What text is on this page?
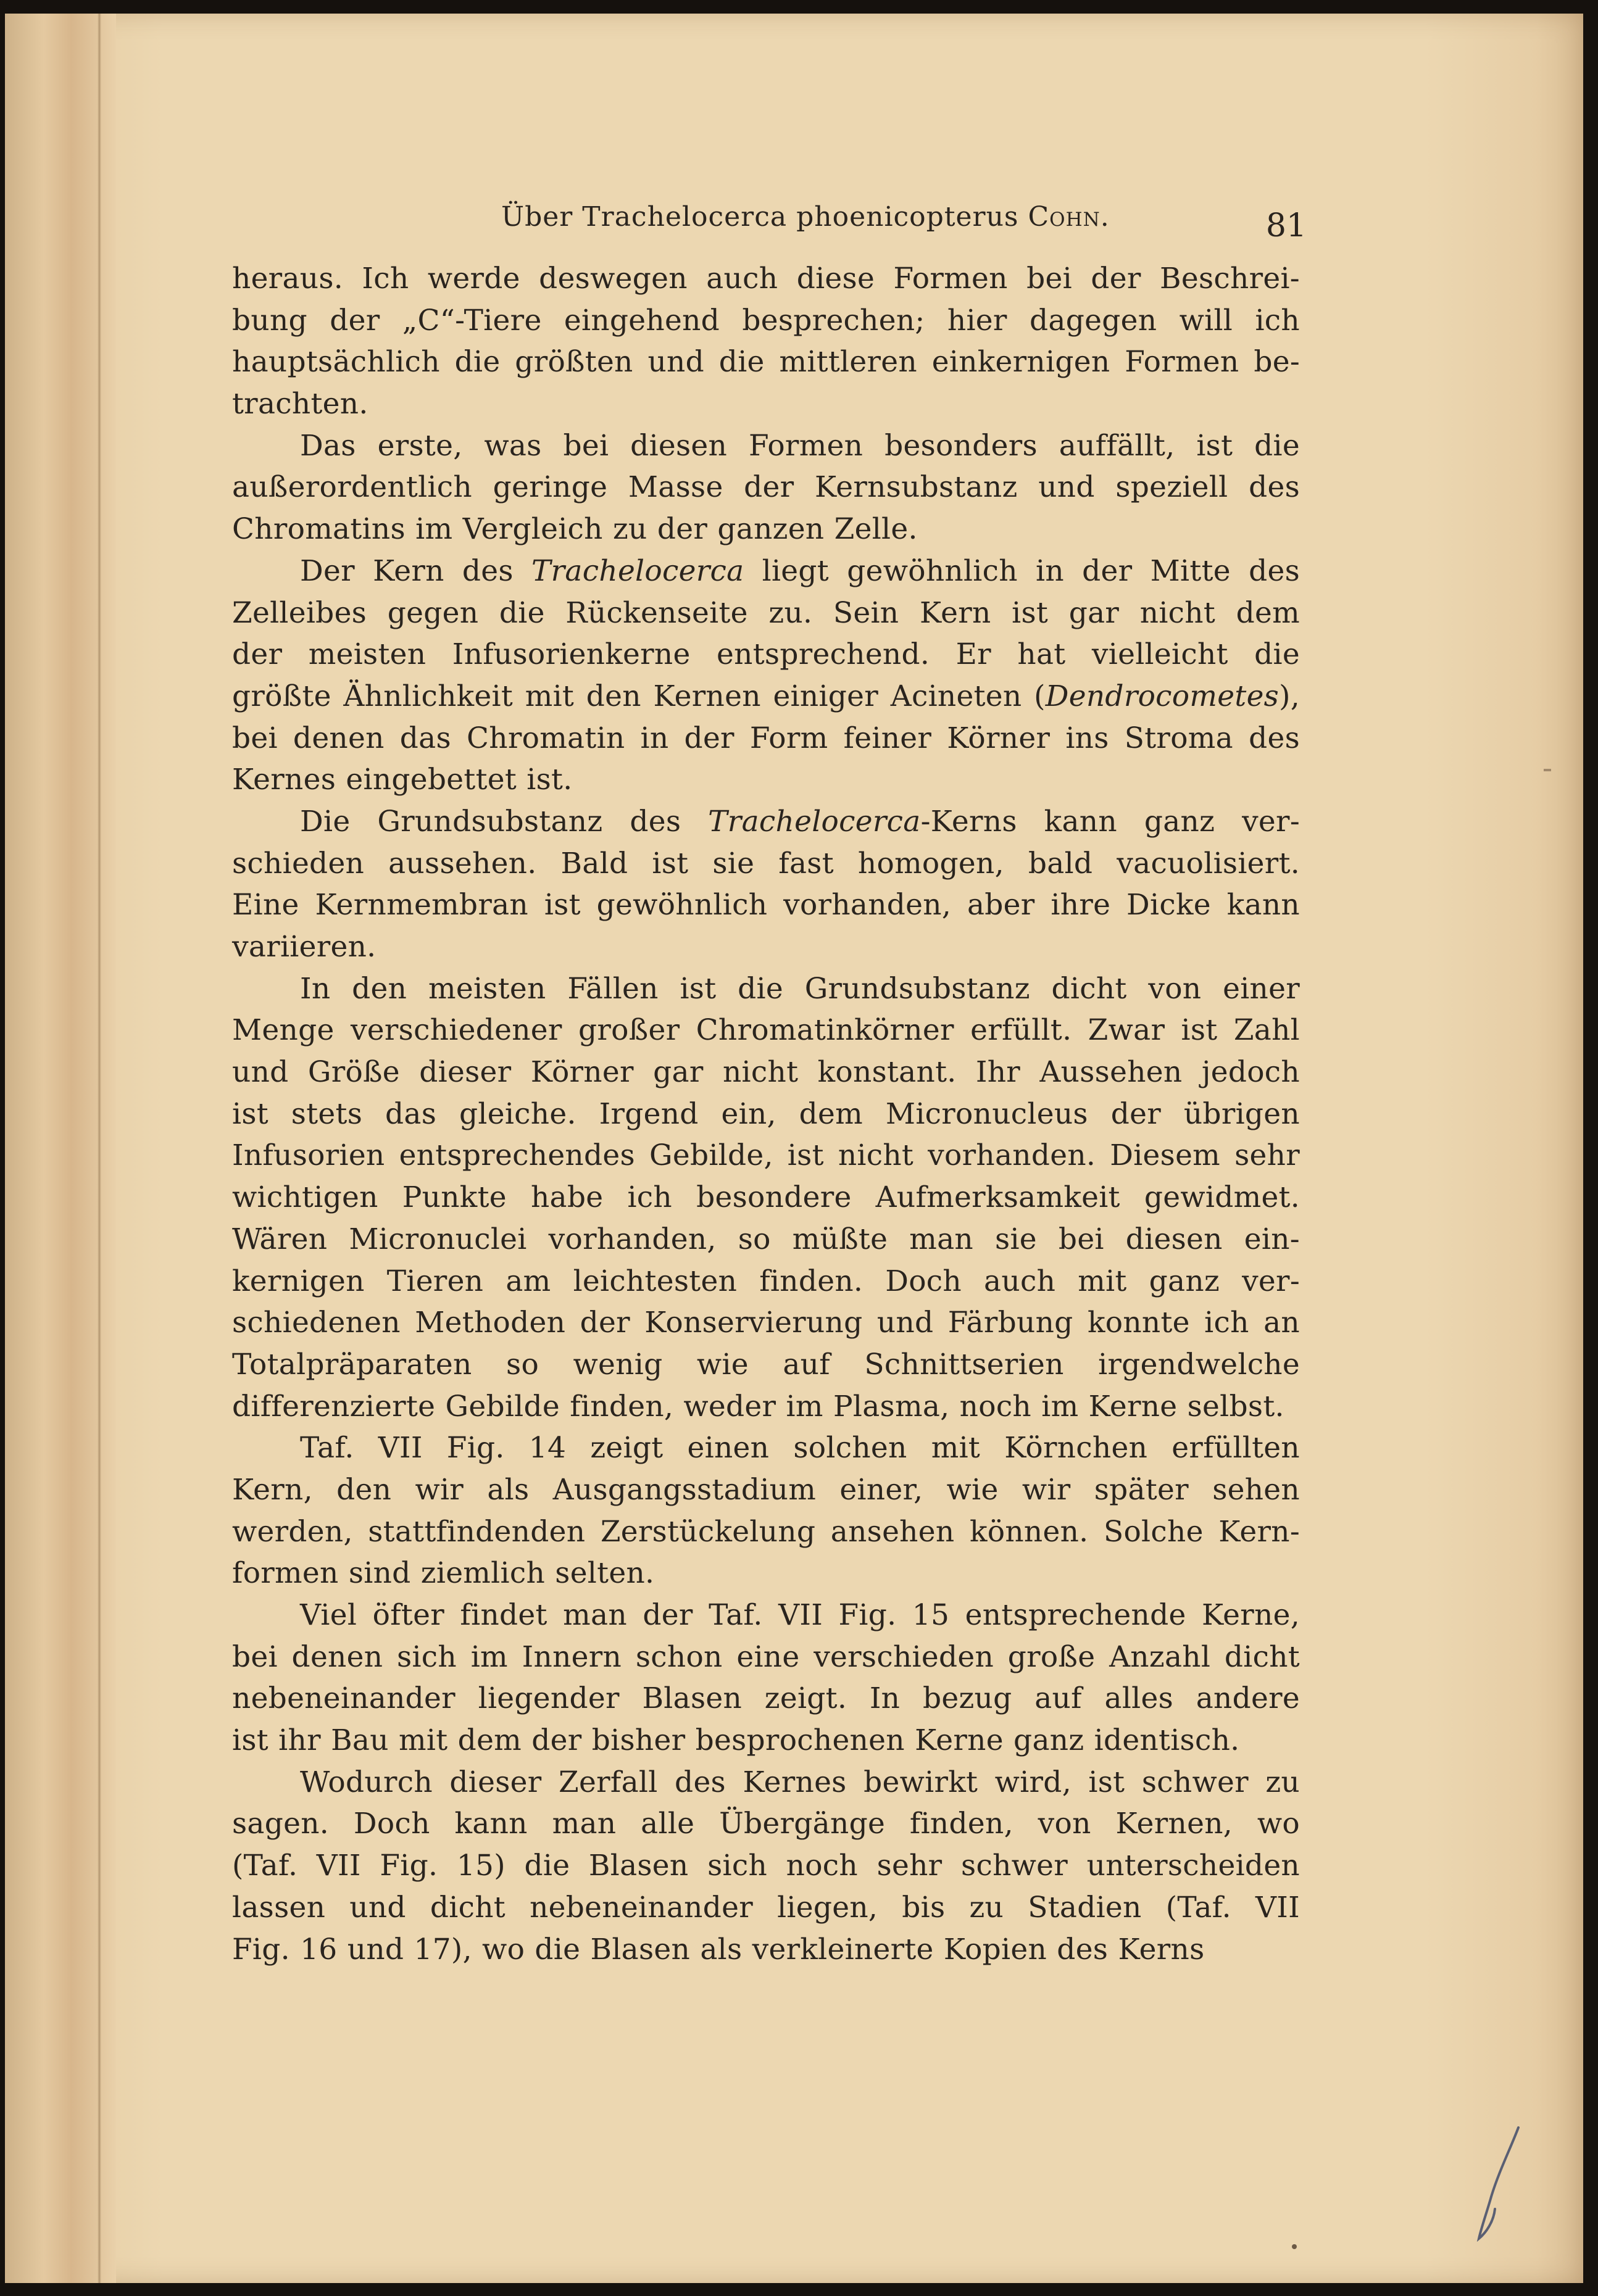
Über Trachelocerca phoenicopterus Cohn.	81
heraus. Ich werde deswegen auch diese Formen bei der Beschrei-
bung der „C“-Tiere eingehend besprechen; hier dagegen will ich
hauptsächlich die größten und die mittleren einkernigen Formen be-
trachten.
Das erste, was bei diesen Formen besonders auffällt, ist die
außerordentlich geringe Masse der Kernsubstanz und speziell des
Chromatins im Vergleich zu der ganzen Zelle.
Der Kern des Trachelocerca liegt gewöhnlich in der Mitte des
Zelleibes gegen die Rückenseite zu. Sein Kern ist gar nicht dem
der meisten Infusorienkerne entsprechend. Er hat vielleicht die
größte Ähnlichkeit mit den Kernen einiger Acineten (Dendrocometes),
bei denen das Chromatin in der Form feiner Körner ins Stroma des
Kernes eingebettet ist.
Die Grundsubstanz des Trachelocerca-Kerns kann ganz ver-
schieden aussehen. Bald ist sie fast homogen, bald vacuolisiert.
Eine Kernmembran ist gewöhnlich vorhanden, aber ihre Dicke kann
variieren.
In den meisten Fällen ist die Grundsubstanz dicht von einer
Menge verschiedener großer Chromatinkörner erfüllt. Zwar ist Zahl
und Größe dieser Körner gar nicht konstant. Ihr Aussehen jedoch
ist stets das gleiche. Irgend ein, dem Micronucleus der übrigen
Infusorien entsprechendes Gebilde, ist nicht vorhanden. Diesem sehr
wichtigen Punkte habe ich besondere Aufmerksamkeit gewidmet.
Wären Micronuclei vorhanden, so müßte man sie bei diesen ein-
kernigen Tieren am leichtesten finden. Doch auch mit ganz ver-
schiedenen Methoden der Konservierung und Färbung konnte ich an
Totalpräparaten so wenig wie auf Schnittserien irgendwelche
differenzierte Gebilde finden, weder im Plasma, noch im Kerne selbst.
Taf. VII Fig. 14 zeigt einen solchen mit Körnchen erfüllten
Kern, den wir als Ausgangsstadium einer, wie wir später sehen
werden, stattfindenden Zerstückelung ansehen können. Solche Kern-
formen sind ziemlich selten.
Viel öfter findet man der Taf. VII Fig. 15 entsprechende Kerne,
bei denen sich im Innern schon eine verschieden große Anzahl dicht
nebeneinander liegender Blasen zeigt. In bezug auf alles andere
ist ihr Bau mit dem der bisher besprochenen Kerne ganz identisch.
Wodurch dieser Zerfall des Kernes bewirkt wird, ist schwer zu
sagen. Doch kann man alle Übergänge finden, von Kernen, wo
(Taf. VII Fig. 15) die Blasen sich noch sehr schwer unterscheiden
lassen und dicht nebeneinander liegen, bis zu Stadien (Taf. VII
Fig. 16 und 17), wo die Blasen als verkleinerte Kopien des Kerns
